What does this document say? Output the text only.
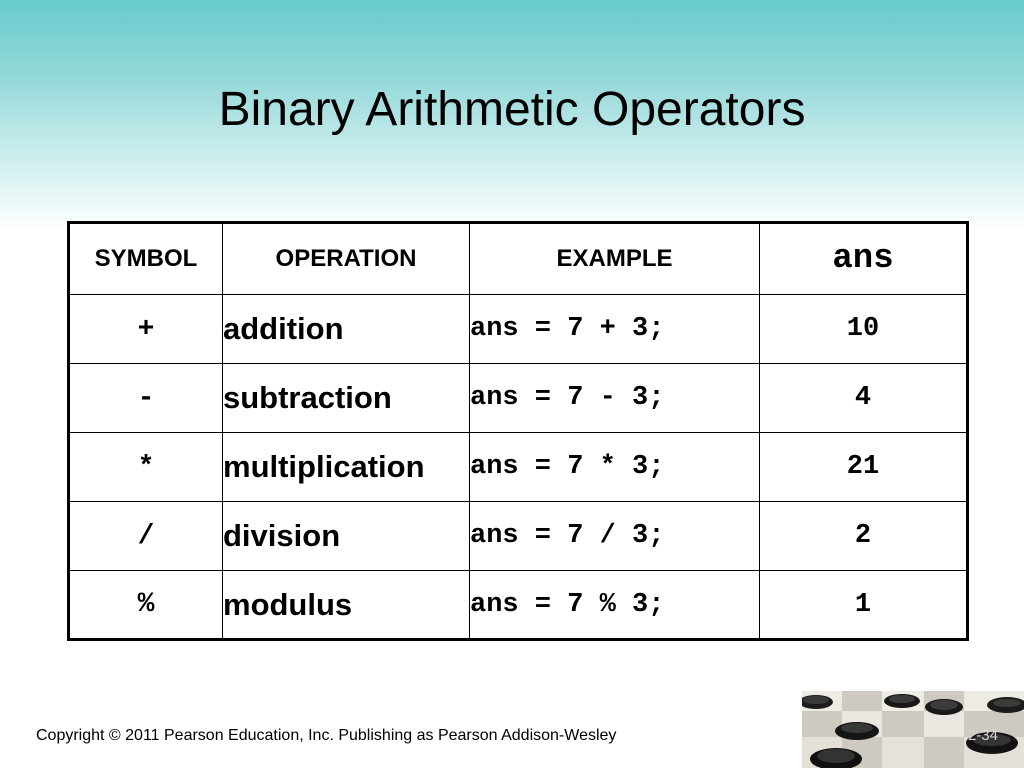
Binary Arithmetic Operators
SYMBOL	OPERATION	EXAMPLE	ans
+	addition	ans = 7 + 3;	10
-	subtraction	ans = 7 - 3;	4
*	multiplication	ans = 7 * 3;	21
/	division	ans = 7 / 3;	2
%	modulus	ans = 7 % 3;	1
Copyright © 2011 Pearson Education, Inc. Publishing as Pearson Addison-Wesley	2-34
